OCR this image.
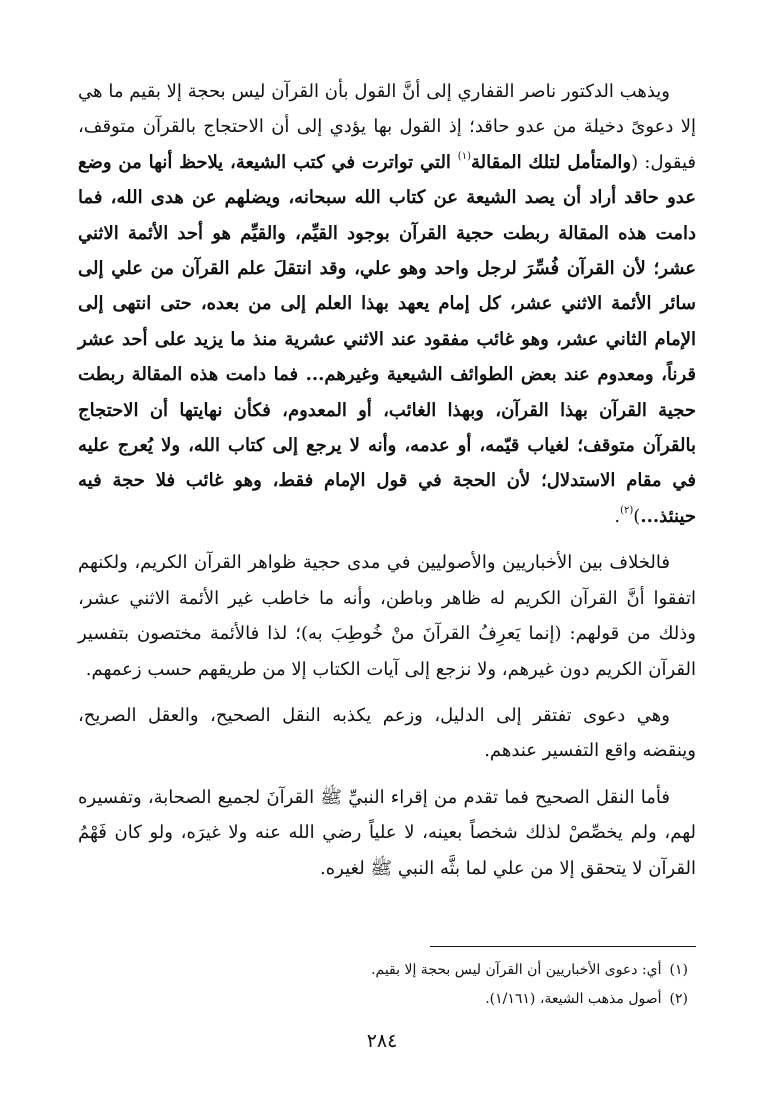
ويذهب الدكتور ناصر القفاري إلى أنَّ القول بأن القرآن ليس بحجة إلا بقيم ما هي إلا دعوىً دخيلة من عدو حاقد؛ إذ القول بها يؤدي إلى أن الاحتجاج بالقرآن متوقف، فيقول: (والمتأمل لتلك المقالة$^{(١)}$ التي تواترت في كتب الشيعة، يلاحظ أنها من وضع عدو حاقد أراد أن يصد الشيعة عن كتاب الله سبحانه، ويضلهم عن هدى الله، فما دامت هذه المقالة ربطت حجية القرآن بوجود القيِّم، والقيِّم هو أحد الأئمة الاثني عشر؛ لأن القرآن فُسِّرَ لرجل واحد وهو علي، وقد انتقلَ علم القرآن من علي إلى سائر الأئمة الاثني عشر، كل إمام يعهد بهذا العلم إلى من بعده، حتى انتهى إلى الإمام الثاني عشر، وهو غائب مفقود عند الاثني عشرية منذ ما يزيد على أحد عشر قرناً، ومعدوم عند بعض الطوائف الشيعية وغيرهم... فما دامت هذه المقالة ربطت حجية القرآن بهذا القرآن، وبهذا الغائب، أو المعدوم، فكأن نهايتها أن الاحتجاج بالقرآن متوقف؛ لغياب قيّمه، أو عدمه، وأنه لا يرجع إلى كتاب الله، ولا يُعرج عليه في مقام الاستدلال؛ لأن الحجة في قول الإمام فقط، وهو غائب فلا حجة فيه حينئذ...)$^{(٢)}$.

فالخلاف بين الأخباريين والأصوليين في مدى حجية ظواهر القرآن الكريم، ولكنهم اتفقوا أنَّ القرآن الكريم له ظاهر وباطن، وأنه ما خاطب غير الأئمة الاثني عشر، وذلك من قولهم: (إنما يَعرِفُ القرآنَ منْ خُوطِبَ به)؛ لذا فالأئمة مختصون بتفسير القرآن الكريم دون غيرهم، ولا نزجع إلى آيات الكتاب إلا من طريقهم حسب زعمهم.

وهي دعوى تفتقر إلى الدليل، وزعم يكذبه النقل الصحيح، والعقل الصريح، وينقضه واقع التفسير عندهم.

فأما النقل الصحيح فما تقدم من إقراء النبيِّ ﷺ القرآنَ لجميع الصحابة، وتفسيره لهم، ولم يخصِّصْ لذلك شخصاً بعينه، لا علياً رضي الله عنه ولا غيرَه، ولو كان فَهْمُ القرآن لا يتحقق إلا من علي لما بثَّه النبي ﷺ لغيره.

(١)أي: دعوى الأخباريين أن القرآن ليس بحجة إلا بقيم.

(٢)أصول مذهب الشيعة، (١/١٦١).

٢٨٤
